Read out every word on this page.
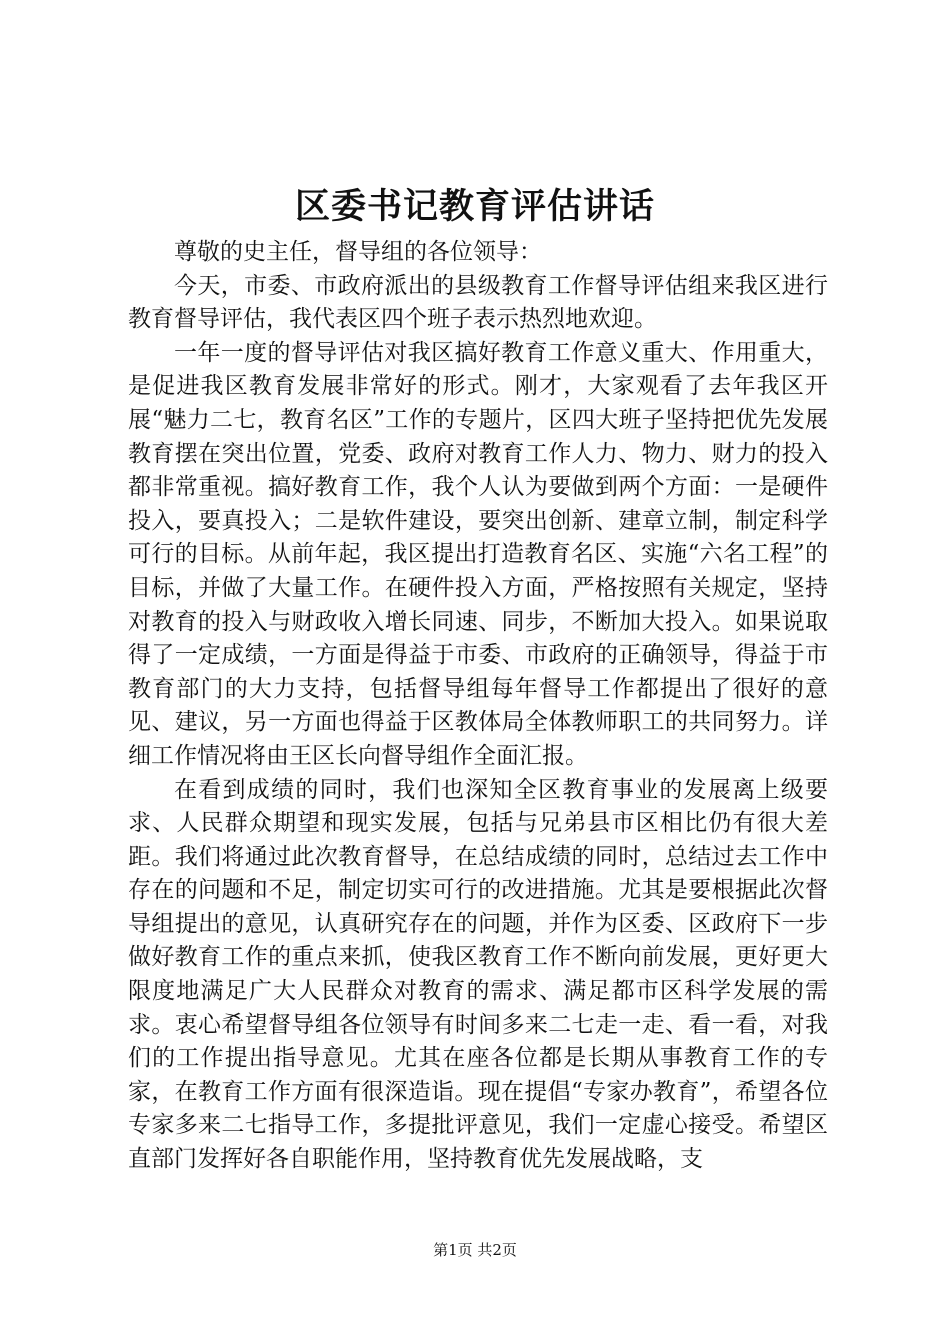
区委书记教育评估讲话

尊敬的史主任，督导组的各位领导：

今天，市委、市政府派出的县级教育工作督导评估组来我区进行教育督导评估，我代表区四个班子表示热烈地欢迎。

一年一度的督导评估对我区搞好教育工作意义重大、作用重大，是促进我区教育发展非常好的形式。刚才，大家观看了去年我区开展“魅力二七，教育名区”工作的专题片，区四大班子坚持把优先发展教育摆在突出位置，党委、政府对教育工作人力、物力、财力的投入都非常重视。搞好教育工作，我个人认为要做到两个方面：一是硬件投入，要真投入；二是软件建设，要突出创新、建章立制，制定科学可行的目标。从前年起，我区提出打造教育名区、实施“六名工程”的目标，并做了大量工作。在硬件投入方面，严格按照有关规定，坚持对教育的投入与财政收入增长同速、同步，不断加大投入。如果说取得了一定成绩，一方面是得益于市委、市政府的正确领导，得益于市教育部门的大力支持，包括督导组每年督导工作都提出了很好的意见、建议，另一方面也得益于区教体局全体教师职工的共同努力。详细工作情况将由王区长向督导组作全面汇报。

在看到成绩的同时，我们也深知全区教育事业的发展离上级要求、人民群众期望和现实发展，包括与兄弟县市区相比仍有很大差距。我们将通过此次教育督导，在总结成绩的同时，总结过去工作中存在的问题和不足，制定切实可行的改进措施。尤其是要根据此次督导组提出的意见，认真研究存在的问题，并作为区委、区政府下一步做好教育工作的重点来抓，使我区教育工作不断向前发展，更好更大限度地满足广大人民群众对教育的需求、满足都市区科学发展的需求。衷心希望督导组各位领导有时间多来二七走一走、看一看，对我们的工作提出指导意见。尤其在座各位都是长期从事教育工作的专家，在教育工作方面有很深造诣。现在提倡“专家办教育”，希望各位专家多来二七指导工作，多提批评意见，我们一定虚心接受。希望区直部门发挥好各自职能作用，坚持教育优先发展战略，支

第1页 共2页
